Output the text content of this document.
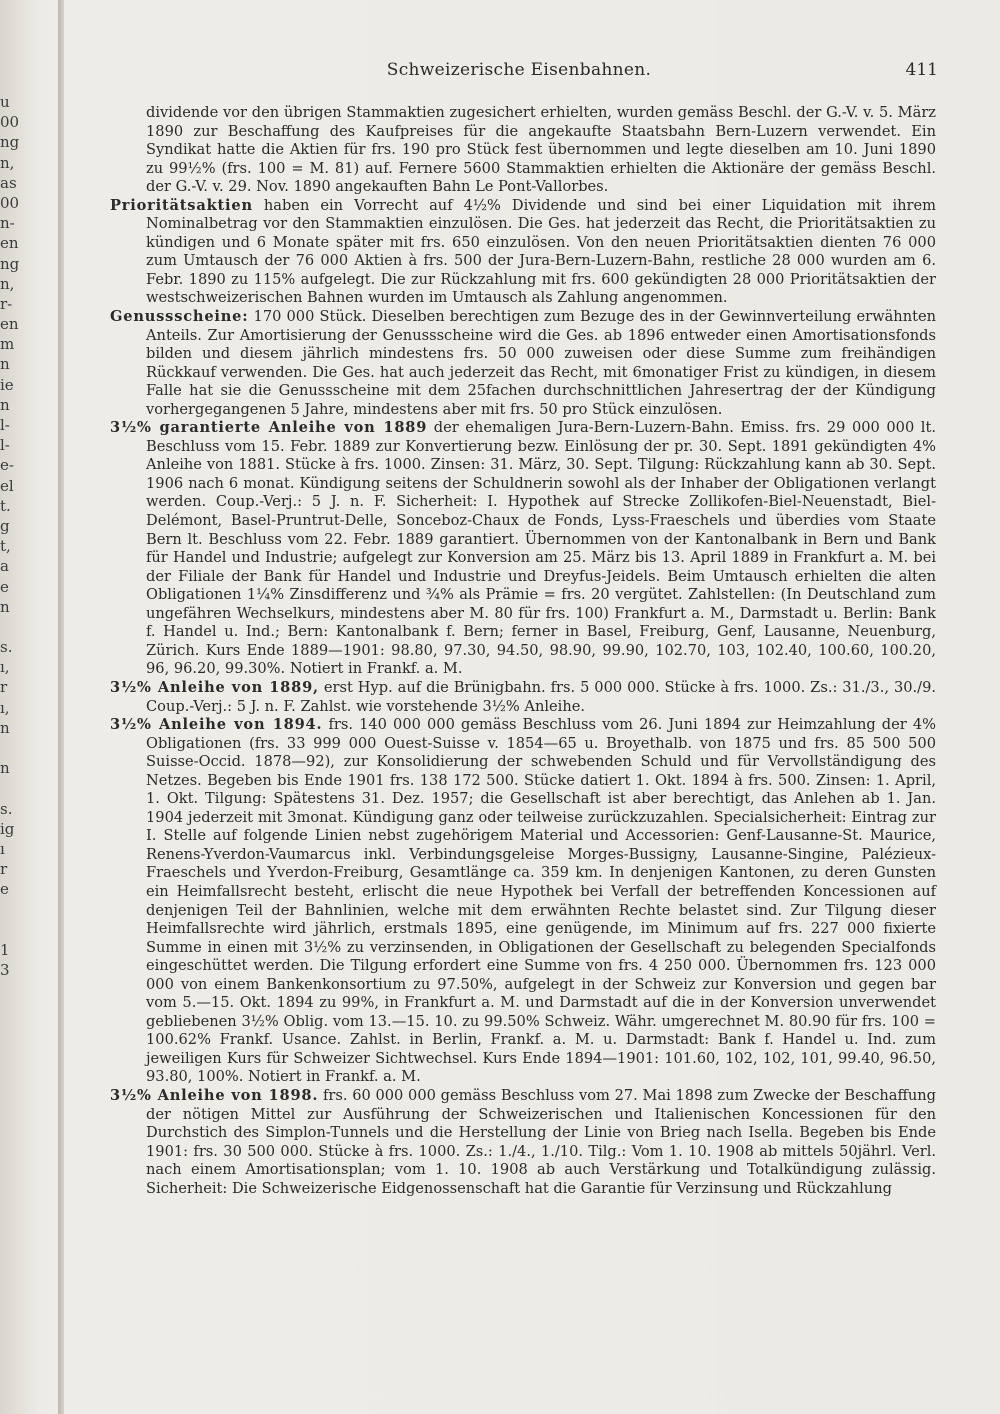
u
00
ng
n,
as
00
n-
en
ng
n,
r-
en
m
n
ie
n
l-
l-
e-
el
t.
g
t,
a
e
n
s.
ı,
r
ı,
n
n
s.
ig
ı
r
e
1
3
Schweizerische Eisenbahnen.	411

dividende vor den übrigen Stammaktien zugesichert erhielten, wurden gemäss Beschl. der G.-V. v. 5. März 1890 zur Beschaffung des Kaufpreises für die angekaufte Staatsbahn Bern-Luzern verwendet. Ein Syndikat hatte die Aktien für frs. 190 pro Stück fest übernommen und legte dieselben am 10. Juni 1890 zu 99½% (frs. 100 = M. 81) auf. Fernere 5600 Stammaktien erhielten die Aktionäre der gemäss Beschl. der G.-V. v. 29. Nov. 1890 angekauften Bahn Le Pont-Vallorbes.

Prioritätsaktien haben ein Vorrecht auf 4½% Dividende und sind bei einer Liquidation mit ihrem Nominalbetrag vor den Stammaktien einzulösen. Die Ges. hat jederzeit das Recht, die Prioritätsaktien zu kündigen und 6 Monate später mit frs. 650 einzulösen. Von den neuen Prioritätsaktien dienten 76 000 zum Umtausch der 76 000 Aktien à frs. 500 der Jura-Bern-Luzern-Bahn, restliche 28 000 wurden am 6. Febr. 1890 zu 115% aufgelegt. Die zur Rückzahlung mit frs. 600 gekündigten 28 000 Prioritätsaktien der westschweizerischen Bahnen wurden im Umtausch als Zahlung angenommen.

Genussscheine: 170 000 Stück. Dieselben berechtigen zum Bezuge des in der Gewinnverteilung erwähnten Anteils. Zur Amortisierung der Genussscheine wird die Ges. ab 1896 entweder einen Amortisationsfonds bilden und diesem jährlich mindestens frs. 50 000 zuweisen oder diese Summe zum freihändigen Rückkauf verwenden. Die Ges. hat auch jederzeit das Recht, mit 6monatiger Frist zu kündigen, in diesem Falle hat sie die Genussscheine mit dem 25fachen durchschnittlichen Jahresertrag der der Kündigung vorhergegangenen 5 Jahre, mindestens aber mit frs. 50 pro Stück einzulösen.

3½% garantierte Anleihe von 1889 der ehemaligen Jura-Bern-Luzern-Bahn. Emiss. frs. 29 000 000 lt. Beschluss vom 15. Febr. 1889 zur Konvertierung bezw. Einlösung der pr. 30. Sept. 1891 gekündigten 4% Anleihe von 1881. Stücke à frs. 1000. Zinsen: 31. März, 30. Sept. Tilgung: Rückzahlung kann ab 30. Sept. 1906 nach 6 monat. Kündigung seitens der Schuldnerin sowohl als der Inhaber der Obligationen verlangt werden. Coup.-Verj.: 5 J. n. F. Sicherheit: I. Hypothek auf Strecke Zollikofen-Biel-Neuenstadt, Biel-Delémont, Basel-Pruntrut-Delle, Sonceboz-Chaux de Fonds, Lyss-Fraeschels und überdies vom Staate Bern lt. Beschluss vom 22. Febr. 1889 garantiert. Übernommen von der Kantonalbank in Bern und Bank für Handel und Industrie; aufgelegt zur Konversion am 25. März bis 13. April 1889 in Frankfurt a. M. bei der Filiale der Bank für Handel und Industrie und Dreyfus-Jeidels. Beim Umtausch erhielten die alten Obligationen 1¼% Zinsdifferenz und ¾% als Prämie = frs. 20 vergütet. Zahlstellen: (In Deutschland zum ungefähren Wechselkurs, mindestens aber M. 80 für frs. 100) Frankfurt a. M., Darmstadt u. Berlin: Bank f. Handel u. Ind.; Bern: Kantonalbank f. Bern; ferner in Basel, Freiburg, Genf, Lausanne, Neuenburg, Zürich. Kurs Ende 1889—1901: 98.80, 97.30, 94.50, 98.90, 99.90, 102.70, 103, 102.40, 100.60, 100.20, 96, 96.20, 99.30%. Notiert in Frankf. a. M.

3½% Anleihe von 1889, erst Hyp. auf die Brünigbahn. frs. 5 000 000. Stücke à frs. 1000. Zs.: 31./3., 30./9. Coup.-Verj.: 5 J. n. F. Zahlst. wie vorstehende 3½% Anleihe.

3½% Anleihe von 1894. frs. 140 000 000 gemäss Beschluss vom 26. Juni 1894 zur Heimzahlung der 4% Obligationen (frs. 33 999 000 Ouest-Suisse v. 1854—65 u. Broyethalb. von 1875 und frs. 85 500 500 Suisse-Occid. 1878—92), zur Konsolidierung der schwebenden Schuld und für Vervollständigung des Netzes. Begeben bis Ende 1901 frs. 138 172 500. Stücke datiert 1. Okt. 1894 à frs. 500. Zinsen: 1. April, 1. Okt. Tilgung: Spätestens 31. Dez. 1957; die Gesellschaft ist aber berechtigt, das Anlehen ab 1. Jan. 1904 jederzeit mit 3monat. Kündigung ganz oder teilweise zurückzuzahlen. Specialsicherheit: Eintrag zur I. Stelle auf folgende Linien nebst zugehörigem Material und Accessorien: Genf-Lausanne-St. Maurice, Renens-Yverdon-Vaumarcus inkl. Verbindungsgeleise Morges-Bussigny, Lausanne-Singine, Palézieux-Fraeschels und Yverdon-Freiburg, Gesamtlänge ca. 359 km. In denjenigen Kantonen, zu deren Gunsten ein Heimfallsrecht besteht, erlischt die neue Hypothek bei Verfall der betreffenden Koncessionen auf denjenigen Teil der Bahnlinien, welche mit dem erwähnten Rechte belastet sind. Zur Tilgung dieser Heimfallsrechte wird jährlich, erstmals 1895, eine genügende, im Minimum auf frs. 227 000 fixierte Summe in einen mit 3½% zu verzinsenden, in Obligationen der Gesellschaft zu belegenden Specialfonds eingeschüttet werden. Die Tilgung erfordert eine Summe von frs. 4 250 000. Übernommen frs. 123 000 000 von einem Bankenkonsortium zu 97.50%, aufgelegt in der Schweiz zur Konversion und gegen bar vom 5.—15. Okt. 1894 zu 99%, in Frankfurt a. M. und Darmstadt auf die in der Konversion unverwendet gebliebenen 3½% Oblig. vom 13.—15. 10. zu 99.50% Schweiz. Währ. umgerechnet M. 80.90 für frs. 100 = 100.62% Frankf. Usance. Zahlst. in Berlin, Frankf. a. M. u. Darmstadt: Bank f. Handel u. Ind. zum jeweiligen Kurs für Schweizer Sichtwechsel. Kurs Ende 1894—1901: 101.60, 102, 102, 101, 99.40, 96.50, 93.80, 100%. Notiert in Frankf. a. M.

3½% Anleihe von 1898. frs. 60 000 000 gemäss Beschluss vom 27. Mai 1898 zum Zwecke der Beschaffung der nötigen Mittel zur Ausführung der Schweizerischen und Italienischen Koncessionen für den Durchstich des Simplon-Tunnels und die Herstellung der Linie von Brieg nach Isella. Begeben bis Ende 1901: frs. 30 500 000. Stücke à frs. 1000. Zs.: 1./4., 1./10. Tilg.: Vom 1. 10. 1908 ab mittels 50jährl. Verl. nach einem Amortisationsplan; vom 1. 10. 1908 ab auch Verstärkung und Totalkündigung zulässig. Sicherheit: Die Schweizerische Eidgenossenschaft hat die Garantie für Verzinsung und Rückzahlung
